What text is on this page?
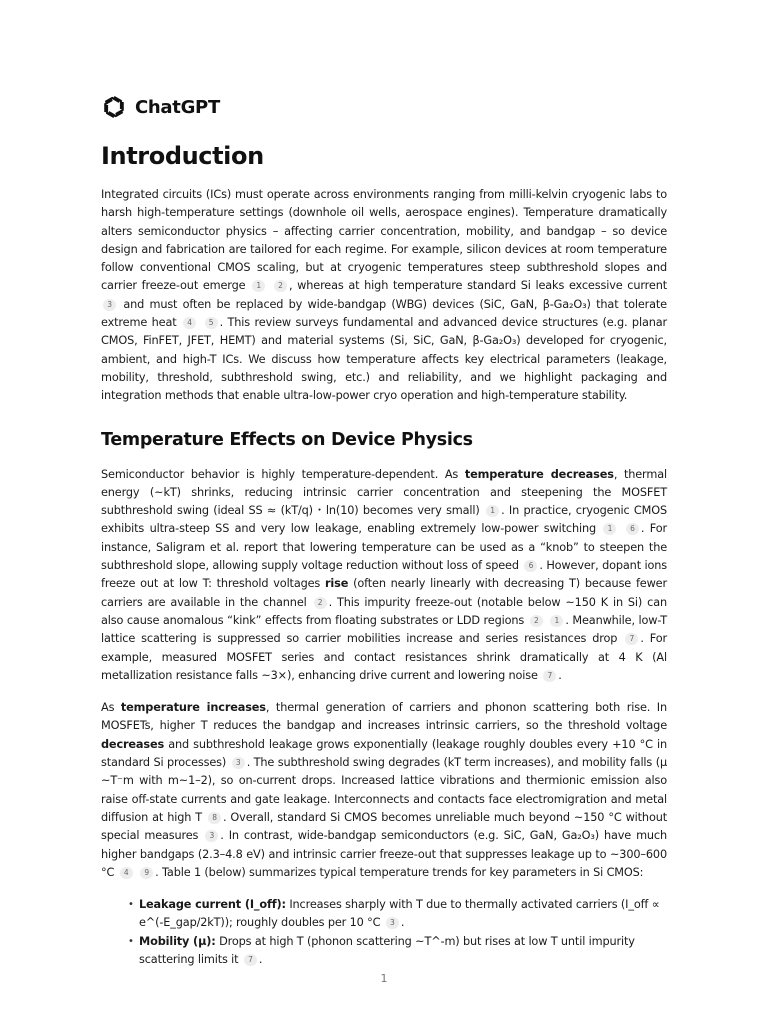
ChatGPT
Introduction

Integrated circuits (ICs) must operate across environments ranging from milli-kelvin cryogenic labs to harsh high-temperature settings (downhole oil wells, aerospace engines). Temperature dramatically alters semiconductor physics – affecting carrier concentration, mobility, and bandgap – so device design and fabrication are tailored for each regime. For example, silicon devices at room temperature follow conventional CMOS scaling, but at cryogenic temperatures steep subthreshold slopes and carrier freeze-out emerge 1 2 , whereas at high temperature standard Si leaks excessive current 3 and must often be replaced by wide-bandgap (WBG) devices (SiC, GaN, β-Ga₂O₃) that tolerate extreme heat 4 5 . This review surveys fundamental and advanced device structures (e.g. planar CMOS, FinFET, JFET, HEMT) and material systems (Si, SiC, GaN, β-Ga₂O₃) developed for cryogenic, ambient, and high-T ICs. We discuss how temperature affects key electrical parameters (leakage, mobility, threshold, subthreshold swing, etc.) and reliability, and we highlight packaging and integration methods that enable ultra-low-power cryo operation and high-temperature stability.

Temperature Effects on Device Physics

Semiconductor behavior is highly temperature-dependent. As temperature decreases, thermal energy (~kT) shrinks, reducing intrinsic carrier concentration and steepening the MOSFET subthreshold swing (ideal SS ≈ (kT/q)・ln(10) becomes very small) 1 . In practice, cryogenic CMOS exhibits ultra-steep SS and very low leakage, enabling extremely low-power switching 1 6 . For instance, Saligram et al. report that lowering temperature can be used as a “knob” to steepen the subthreshold slope, allowing supply voltage reduction without loss of speed 6 . However, dopant ions freeze out at low T: threshold voltages rise (often nearly linearly with decreasing T) because fewer carriers are available in the channel 2 . This impurity freeze-out (notable below ~150 K in Si) can also cause anomalous “kink” effects from floating substrates or LDD regions 2 1 . Meanwhile, low-T lattice scattering is suppressed so carrier mobilities increase and series resistances drop 7 . For example, measured MOSFET series and contact resistances shrink dramatically at 4 K (Al metallization resistance falls ~3×), enhancing drive current and lowering noise 7 .

As temperature increases, thermal generation of carriers and phonon scattering both rise. In MOSFETs, higher T reduces the bandgap and increases intrinsic carriers, so the threshold voltage decreases and subthreshold leakage grows exponentially (leakage roughly doubles every +10 °C in standard Si processes) 3 . The subthreshold swing degrades (kT term increases), and mobility falls (μ ~T⁻m with m~1–2), so on-current drops. Increased lattice vibrations and thermionic emission also raise off-state currents and gate leakage. Interconnects and contacts face electromigration and metal diffusion at high T 8 . Overall, standard Si CMOS becomes unreliable much beyond ~150 °C without special measures 3 . In contrast, wide-bandgap semiconductors (e.g. SiC, GaN, Ga₂O₃) have much higher bandgaps (2.3–4.8 eV) and intrinsic carrier freeze-out that suppresses leakage up to ~300–600 °C 4 9 . Table 1 (below) summarizes typical temperature trends for key parameters in Si CMOS:

• Leakage current (I_off): Increases sharply with T due to thermally activated carriers (I_off ∝ e^(-E_gap/2kT)); roughly doubles per 10 °C 3 .
• Mobility (μ): Drops at high T (phonon scattering ~T^-m) but rises at low T until impurity scattering limits it 7 .
1
